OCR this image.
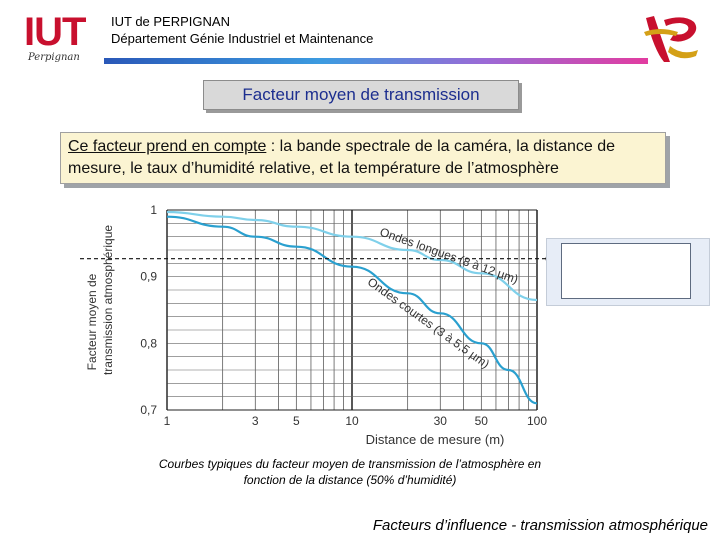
IUT
Perpignan
IUT de PERPIGNAN
Département Génie Industriel et Maintenance
Facteur moyen de transmission

Ce facteur prend en compte : la bande spectrale de la caméra, la distance de mesure, le taux d’humidité relative, et la température de l’atmosphère

1
0,9
0,8
0,7
1	3	5	10	30 50	100
Facteur moyen de transmission atmosphérique
Distance de mesure (m)
Ondes longues (8 à 12 µm)
Ondes courtes (3 à 5,5 µm)
Courbes typiques du facteur moyen de transmission de l’atmosphère en
fonction de la distance (50% d’humidité)
Facteurs d’influence - transmission atmosphérique
